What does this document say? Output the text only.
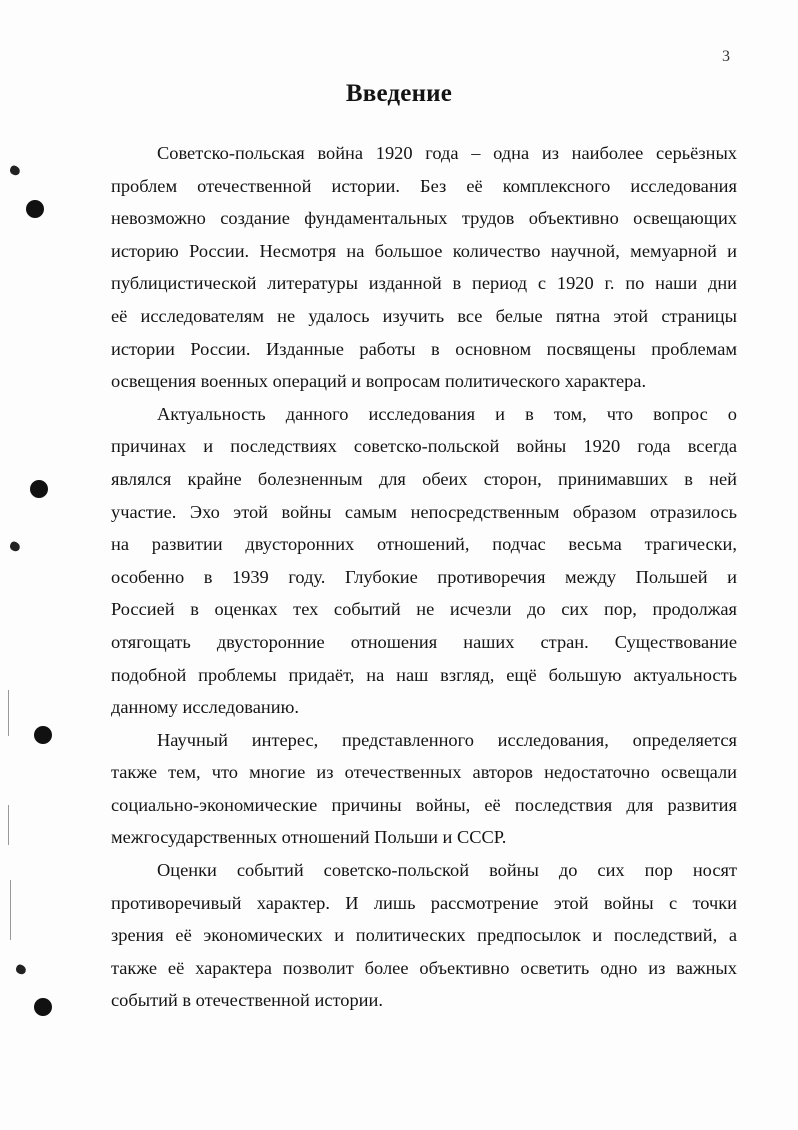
3
Введение

Советско-польская война 1920 года – одна из наиболее серьёзных
проблем отечественной истории. Без её комплексного исследования
невозможно создание фундаментальных трудов объективно освещающих
историю России. Несмотря на большое количество научной, мемуарной и
публицистической литературы изданной в период с 1920 г. по наши дни
её исследователям не удалось изучить все белые пятна этой страницы
истории России. Изданные работы в основном посвящены проблемам
освещения военных операций и вопросам политического характера.

Актуальность данного исследования и в том, что вопрос о
причинах и последствиях советско-польской войны 1920 года всегда
являлся крайне болезненным для обеих сторон, принимавших в ней
участие. Эхо этой войны самым непосредственным образом отразилось
на развитии двусторонних отношений, подчас весьма трагически,
особенно в 1939 году. Глубокие противоречия между Польшей и
Россией в оценках тех событий не исчезли до сих пор, продолжая
отягощать двусторонние отношения наших стран. Существование
подобной проблемы придаёт, на наш взгляд, ещё большую актуальность
данному исследованию.

Научный интерес, представленного исследования, определяется
также тем, что многие из отечественных авторов недостаточно освещали
социально-экономические причины войны, её последствия для развития
межгосударственных отношений Польши и СССР.

Оценки событий советско-польской войны до сих пор носят
противоречивый характер. И лишь рассмотрение этой войны с точки
зрения её экономических и политических предпосылок и последствий, а
также её характера позволит более объективно осветить одно из важных
событий в отечественной истории.
